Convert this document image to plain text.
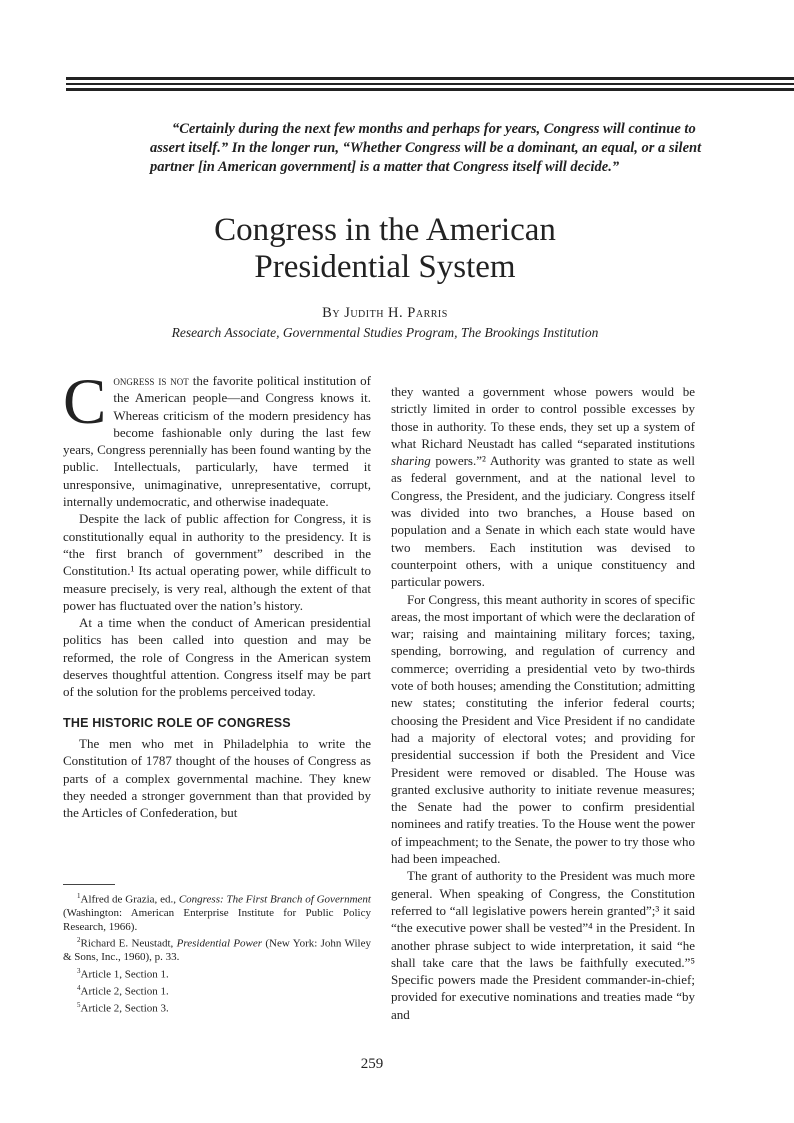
“Certainly during the next few months and perhaps for years, Congress will continue to assert itself.” In the longer run, “Whether Congress will be a dominant, an equal, or a silent partner [in American government] is a matter that Congress itself will decide.”
Congress in the American
Presidential System
By Judith H. Parris
Research Associate, Governmental Studies Program, The Brookings Institution

Congress is not the favorite political institution of the American people—and Congress knows it. Whereas criticism of the modern presidency has become fashionable only during the last few years, Congress perennially has been found wanting by the public. Intellectuals, particularly, have termed it unresponsive, unimaginative, unrepresentative, corrupt, internally undemocratic, and otherwise inadequate.

Despite the lack of public affection for Congress, it is constitutionally equal in authority to the presidency. It is “the first branch of government” described in the Constitution.¹ Its actual operating power, while difficult to measure precisely, is very real, although the extent of that power has fluctuated over the nation’s history.

At a time when the conduct of American presidential politics has been called into question and may be reformed, the role of Congress in the American system deserves thoughtful attention. Congress itself may be part of the solution for the problems perceived today.

THE HISTORIC ROLE OF CONGRESS

The men who met in Philadelphia to write the Constitution of 1787 thought of the houses of Congress as parts of a complex governmental machine. They knew they needed a stronger government than that provided by the Articles of Confederation, but

$^1$Alfred de Grazia, ed., Congress: The First Branch of Government (Washington: American Enterprise Institute for Public Policy Research, 1966).

$^2$Richard E. Neustadt, Presidential Power (New York: John Wiley & Sons, Inc., 1960), p. 33.

$^3$Article 1, Section 1.

$^4$Article 2, Section 1.

$^5$Article 2, Section 3.

they wanted a government whose powers would be strictly limited in order to control possible excesses by those in authority. To these ends, they set up a system of what Richard Neustadt has called “separated institutions sharing powers.”² Authority was granted to state as well as federal government, and at the national level to Congress, the President, and the judiciary. Congress itself was divided into two branches, a House based on population and a Senate in which each state would have two members. Each institution was devised to counterpoint others, with a unique constituency and particular powers.

For Congress, this meant authority in scores of specific areas, the most important of which were the declaration of war; raising and maintaining military forces; taxing, spending, borrowing, and regulation of currency and commerce; overriding a presidential veto by two-thirds vote of both houses; amending the Constitution; admitting new states; constituting the inferior federal courts; choosing the President and Vice President if no candidate had a majority of electoral votes; and providing for presidential succession if both the President and Vice President were removed or disabled. The House was granted exclusive authority to initiate revenue measures; the Senate had the power to confirm presidential nominees and ratify treaties. To the House went the power of impeachment; to the Senate, the power to try those who had been impeached.

The grant of authority to the President was much more general. When speaking of Congress, the Constitution referred to “all legislative powers herein granted”;³ it said “the executive power shall be vested”⁴ in the President. In another phrase subject to wide interpretation, it said “he shall take care that the laws be faithfully executed.”⁵ Specific powers made the President commander-in-chief; provided for executive nominations and treaties made “by and

259
